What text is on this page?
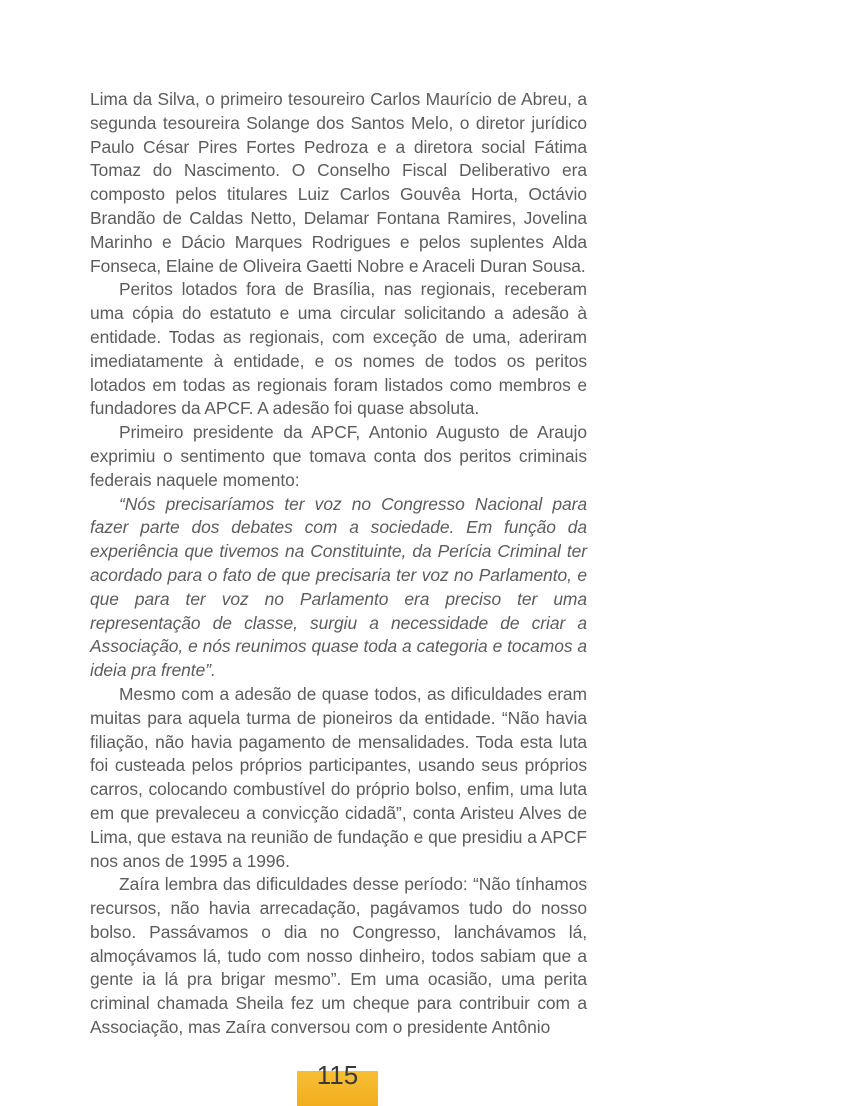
Lima da Silva, o primeiro tesoureiro Carlos Maurício de Abreu, a segunda tesoureira Solange dos Santos Melo, o diretor jurídico Paulo César Pires Fortes Pedroza e a diretora social Fátima Tomaz do Nascimento. O Conselho Fiscal Deliberativo era composto pelos titulares Luiz Carlos Gouvêa Horta, Octávio Brandão de Caldas Netto, Delamar Fontana Ramires, Jovelina Marinho e Dácio Marques Rodrigues e pelos suplentes Alda Fonseca, Elaine de Oliveira Gaetti Nobre e Araceli Duran Sousa.

Peritos lotados fora de Brasília, nas regionais, receberam uma cópia do estatuto e uma circular solicitando a adesão à entidade. Todas as regionais, com exceção de uma, aderiram imediatamente à entidade, e os nomes de todos os peritos lotados em todas as regionais foram listados como membros e fundadores da APCF. A adesão foi quase absoluta.

Primeiro presidente da APCF, Antonio Augusto de Araujo exprimiu o sentimento que tomava conta dos peritos criminais federais naquele momento:

“Nós precisaríamos ter voz no Congresso Nacional para fazer parte dos debates com a sociedade. Em função da experiência que tivemos na Constituinte, da Perícia Criminal ter acordado para o fato de que precisaria ter voz no Parlamento, e que para ter voz no Parlamento era preciso ter uma representação de classe, surgiu a necessidade de criar a Associação, e nós reunimos quase toda a categoria e tocamos a ideia pra frente”.

Mesmo com a adesão de quase todos, as dificuldades eram muitas para aquela turma de pioneiros da entidade. “Não havia filiação, não havia pagamento de mensalidades. Toda esta luta foi custeada pelos próprios participantes, usando seus próprios carros, colocando combustível do próprio bolso, enfim, uma luta em que prevaleceu a convicção cidadã”, conta Aristeu Alves de Lima, que estava na reunião de fundação e que presidiu a APCF nos anos de 1995 a 1996.

Zaíra lembra das dificuldades desse período: “Não tínhamos recursos, não havia arrecadação, pagávamos tudo do nosso bolso. Passávamos o dia no Congresso, lanchávamos lá, almoçávamos lá, tudo com nosso dinheiro, todos sabiam que a gente ia lá pra brigar mesmo”. Em uma ocasião, uma perita criminal chamada Sheila fez um cheque para contribuir com a Associação, mas Zaíra conversou com o presidente Antônio

115
